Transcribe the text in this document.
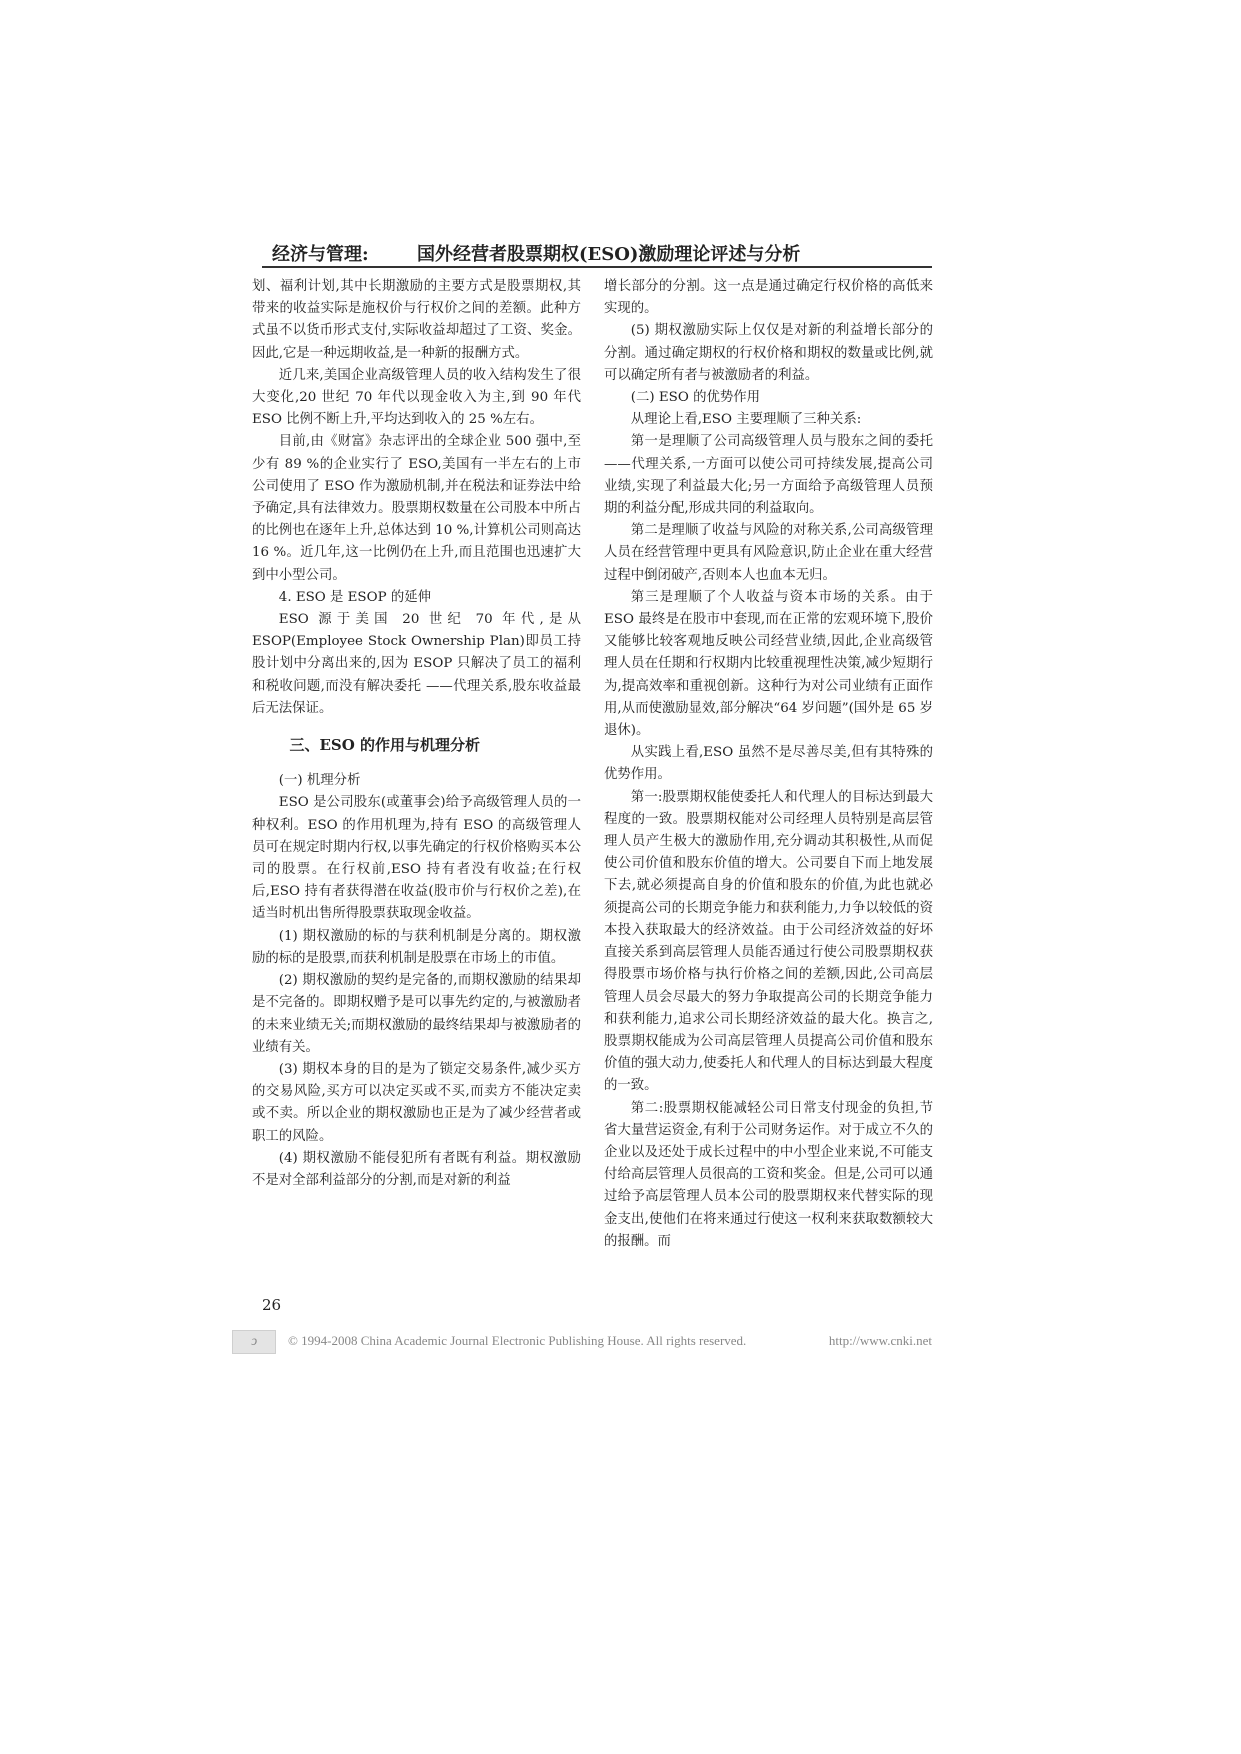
经济与管理:	国外经营者股票期权(ESO)激励理论评述与分析

划、福利计划,其中长期激励的主要方式是股票期权,其带来的收益实际是施权价与行权价之间的差额。此种方式虽不以货币形式支付,实际收益却超过了工资、奖金。因此,它是一种远期收益,是一种新的报酬方式。

近几来,美国企业高级管理人员的收入结构发生了很大变化,20 世纪 70 年代以现金收入为主,到 90 年代 ESO 比例不断上升,平均达到收入的 25 %左右。

目前,由《财富》杂志评出的全球企业 500 强中,至少有 89 %的企业实行了 ESO,美国有一半左右的上市公司使用了 ESO 作为激励机制,并在税法和证券法中给予确定,具有法律效力。股票期权数量在公司股本中所占的比例也在逐年上升,总体达到 10 %,计算机公司则高达 16 %。近几年,这一比例仍在上升,而且范围也迅速扩大到中小型公司。

4. ESO 是 ESOP 的延伸

ESO 源于美国 20 世纪 70 年代,是从 ESOP(Employee Stock Ownership Plan)即员工持股计划中分离出来的,因为 ESOP 只解决了员工的福利和税收问题,而没有解决委托 ——代理关系,股东收益最后无法保证。

三、ESO 的作用与机理分析

(一) 机理分析

ESO 是公司股东(或董事会)给予高级管理人员的一种权利。ESO 的作用机理为,持有 ESO 的高级管理人员可在规定时期内行权,以事先确定的行权价格购买本公司的股票。在行权前,ESO 持有者没有收益;在行权后,ESO 持有者获得潜在收益(股市价与行权价之差),在适当时机出售所得股票获取现金收益。

(1) 期权激励的标的与获利机制是分离的。期权激励的标的是股票,而获利机制是股票在市场上的市值。

(2) 期权激励的契约是完备的,而期权激励的结果却是不完备的。即期权赠予是可以事先约定的,与被激励者的未来业绩无关;而期权激励的最终结果却与被激励者的业绩有关。

(3) 期权本身的目的是为了锁定交易条件,减少买方的交易风险,买方可以决定买或不买,而卖方不能决定卖或不卖。所以企业的期权激励也正是为了减少经营者或职工的风险。

(4) 期权激励不能侵犯所有者既有利益。期权激励不是对全部利益部分的分割,而是对新的利益

增长部分的分割。这一点是通过确定行权价格的高低来实现的。

(5) 期权激励实际上仅仅是对新的利益增长部分的分割。通过确定期权的行权价格和期权的数量或比例,就可以确定所有者与被激励者的利益。

(二) ESO 的优势作用

从理论上看,ESO 主要理顺了三种关系:

第一是理顺了公司高级管理人员与股东之间的委托 ——代理关系,一方面可以使公司可持续发展,提高公司业绩,实现了利益最大化;另一方面给予高级管理人员预期的利益分配,形成共同的利益取向。

第二是理顺了收益与风险的对称关系,公司高级管理人员在经营管理中更具有风险意识,防止企业在重大经营过程中倒闭破产,否则本人也血本无归。

第三是理顺了个人收益与资本市场的关系。由于 ESO 最终是在股市中套现,而在正常的宏观环境下,股价又能够比较客观地反映公司经营业绩,因此,企业高级管理人员在任期和行权期内比较重视理性决策,减少短期行为,提高效率和重视创新。这种行为对公司业绩有正面作用,从而使激励显效,部分解决“64 岁问题”(国外是 65 岁退休)。

从实践上看,ESO 虽然不是尽善尽美,但有其特殊的优势作用。

第一:股票期权能使委托人和代理人的目标达到最大程度的一致。股票期权能对公司经理人员特别是高层管理人员产生极大的激励作用,充分调动其积极性,从而促使公司价值和股东价值的增大。公司要自下而上地发展下去,就必须提高自身的价值和股东的价值,为此也就必须提高公司的长期竞争能力和获利能力,力争以较低的资本投入获取最大的经济效益。由于公司经济效益的好坏直接关系到高层管理人员能否通过行使公司股票期权获得股票市场价格与执行价格之间的差额,因此,公司高层管理人员会尽最大的努力争取提高公司的长期竞争能力和获利能力,追求公司长期经济效益的最大化。换言之,股票期权能成为公司高层管理人员提高公司价值和股东价值的强大动力,使委托人和代理人的目标达到最大程度的一致。

第二:股票期权能减轻公司日常支付现金的负担,节省大量营运资金,有利于公司财务运作。对于成立不久的企业以及还处于成长过程中的中小型企业来说,不可能支付给高层管理人员很高的工资和奖金。但是,公司可以通过给予高层管理人员本公司的股票期权来代替实际的现金支出,使他们在将来通过行使这一权利来获取数额较大的报酬。而

26
ↄ	© 1994-2008 China Academic Journal Electronic Publishing House. All rights reserved.	http://www.cnki.net
